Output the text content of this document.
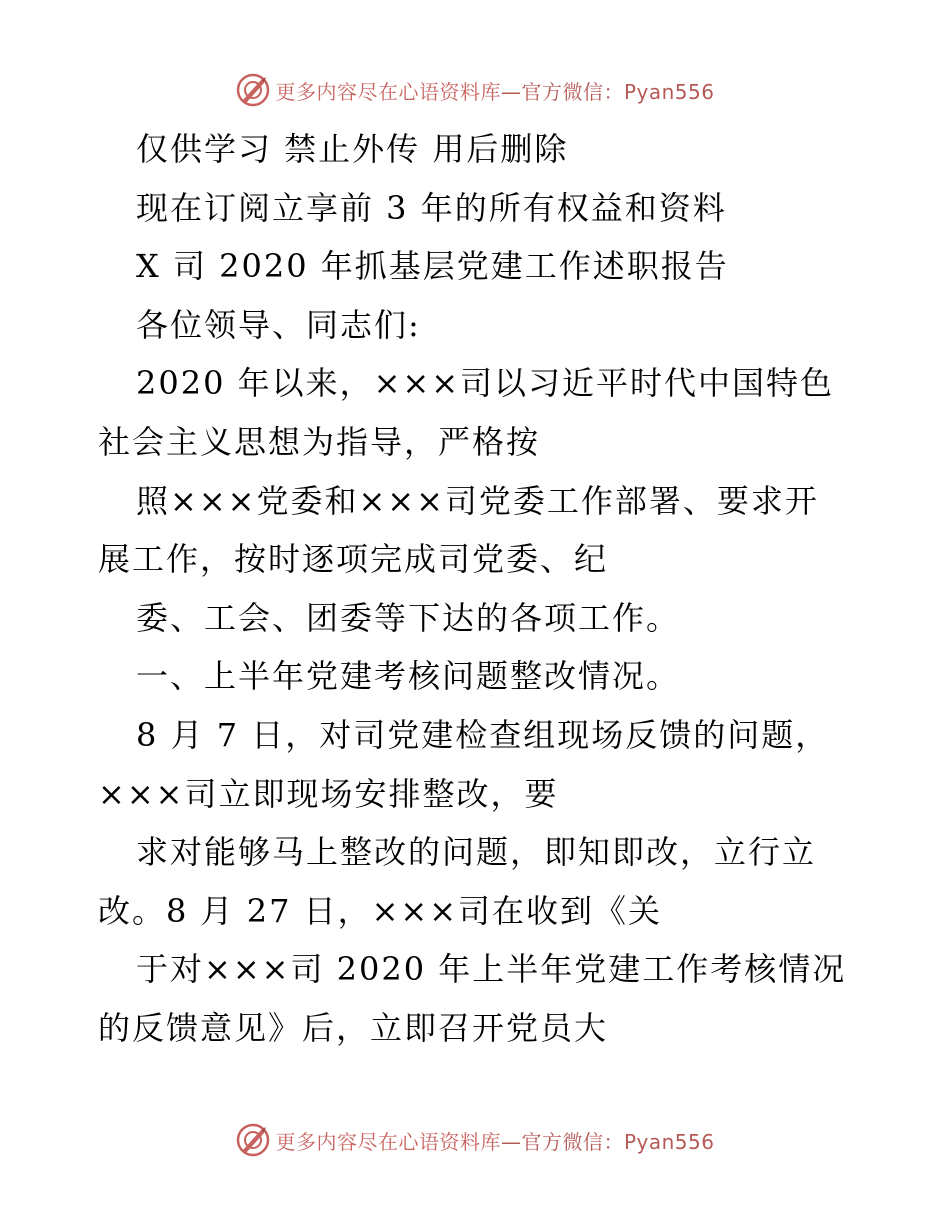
更多内容尽在心语资料库—官方微信：Pyan556
仅供学习 禁止外传 用后删除
现在订阅立享前 3 年的所有权益和资料
X 司 2020 年抓基层党建工作述职报告
各位领导、同志们:
2020 年以来，×××司以习近平时代中国特色
社会主义思想为指导，严格按
照×××党委和×××司党委工作部署、要求开
展工作，按时逐项完成司党委、纪
委、工会、团委等下达的各项工作。
一、上半年党建考核问题整改情况。
8 月 7 日，对司党建检查组现场反馈的问题，
×××司立即现场安排整改，要
求对能够马上整改的问题，即知即改，立行立
改。8 月 27 日，×××司在收到《关
于对×××司 2020 年上半年党建工作考核情况
的反馈意见》后，立即召开党员大
更多内容尽在心语资料库—官方微信：Pyan556
